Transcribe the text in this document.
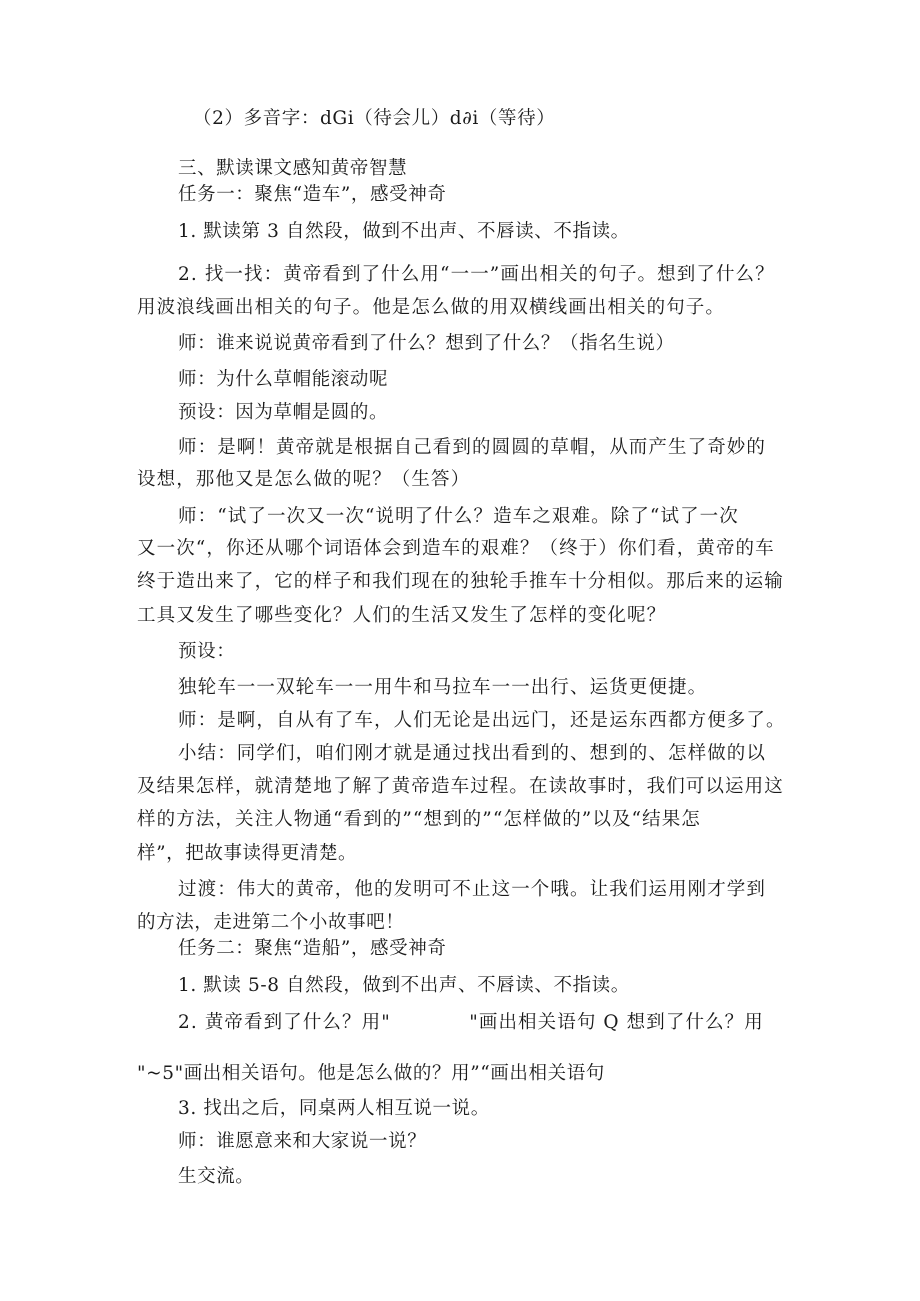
（2）多音字：dGi（待会儿）d∂i（等待）
三、默读课文感知黄帝智慧
任务一：聚焦“造车”，感受神奇
1. 默读第 3 自然段，做到不出声、不唇读、不指读。
2. 找一找：黄帝看到了什么用“一一”画出相关的句子。想到了什么？
用波浪线画出相关的句子。他是怎么做的用双横线画出相关的句子。
师：谁来说说黄帝看到了什么？想到了什么？（指名生说）
师：为什么草帽能滚动呢
预设：因为草帽是圆的。
师：是啊！黄帝就是根据自己看到的圆圆的草帽，从而产生了奇妙的
设想，那他又是怎么做的呢？（生答）
师：“试了一次又一次“说明了什么？造车之艰难。除了“试了一次
又一次“，你还从哪个词语体会到造车的艰难？（终于）你们看，黄帝的车
终于造出来了，它的样子和我们现在的独轮手推车十分相似。那后来的运输
工具又发生了哪些变化？人们的生活又发生了怎样的变化呢？
预设：
独轮车一一双轮车一一用牛和马拉车一一出行、运货更便捷。
师：是啊，自从有了车，人们无论是出远门，还是运东西都方便多了。
小结：同学们，咱们刚才就是通过找出看到的、想到的、怎样做的以
及结果怎样，就清楚地了解了黄帝造车过程。在读故事时，我们可以运用这
样的方法，关注人物通“看到的”“想到的”“怎样做的”以及“结果怎
样”，把故事读得更清楚。
过渡：伟大的黄帝，他的发明可不止这一个哦。让我们运用刚才学到
的方法，走进第二个小故事吧！
任务二：聚焦“造船”，感受神奇
1. 默读 5-8 自然段，做到不出声、不唇读、不指读。
2. 黄帝看到了什么？用"　　　　"画出相关语句 Q 想到了什么？用
"~5"画出相关语句。他是怎么做的？用”“画出相关语句
3. 找出之后，同桌两人相互说一说。
师：谁愿意来和大家说一说？
生交流。
